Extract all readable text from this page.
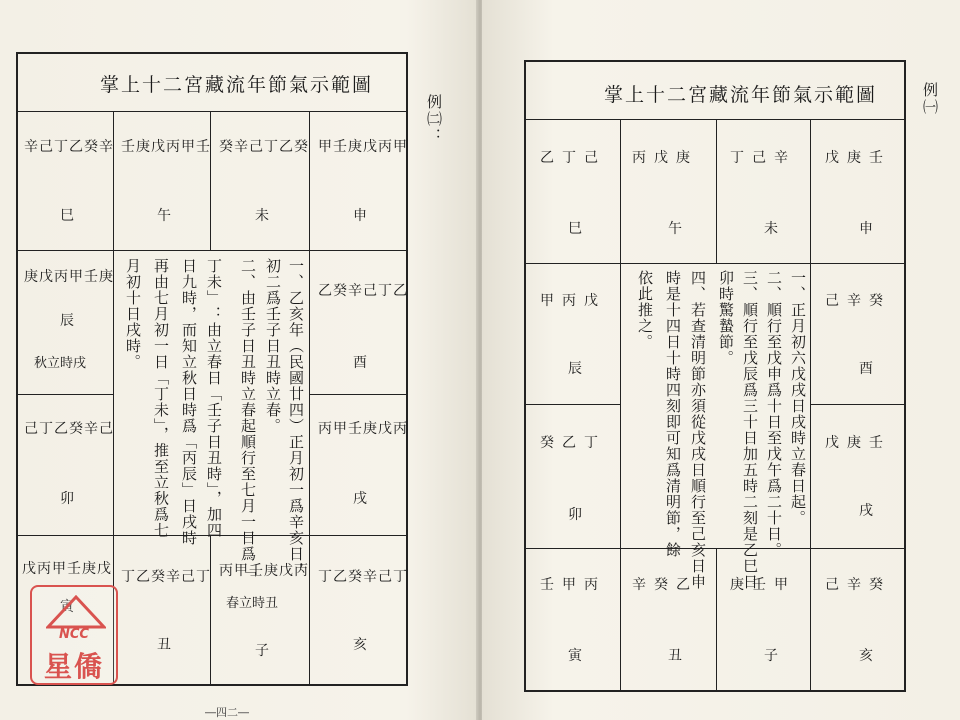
掌上十二宮藏流年節氣示範圖
例㈡：
辛己丁乙癸辛
巳
壬庚戊丙甲壬
午
癸辛己丁乙癸
未
甲壬庚戊丙甲
申
庚戊丙甲壬庚
辰
秋立時戌
己丁乙癸辛己
卯
乙癸辛己丁乙
酉
丙甲壬庚戊丙
戌
戊丙甲壬庚戊
寅
丁乙癸辛己丁
丑
丙甲壬庚戊丙
春立時丑
子
丁乙癸辛己丁
亥
一、乙亥年（民國廿四）正月初一爲辛亥日，
初二爲壬子日丑時立春。
二、由壬子日丑時立春起順行至七月一日爲「
丁未」：由立春日「壬子日丑時」，加四
日九時，而知立秋日時爲「丙辰」日戌時
再由七月初一日「丁未」，推至立秋爲七
月初十日戌時。
―四二―
NCC
星僑
掌上十二宮藏流年節氣示範圖	例㈠
乙丁己
巳
丙戊庚
午
丁己辛
未
戊庚壬
申
甲丙戊
辰
癸乙丁
卯
己辛癸
酉
戊庚壬
戌
壬甲丙
寅
辛癸乙
丑
庚壬甲
子
己辛癸
亥
一、正月初六戊戌日戌時立春日起。
二、順行至戊申爲十日至戊午爲二十日。
三、順行至戊辰爲三十日加五時二刻是乙巳日
卯時驚蟄節。
四、若查清明節亦須從戊戌日順行至己亥日申
時是十四日十時四刻即可知爲清明節，餘
依此推之。
